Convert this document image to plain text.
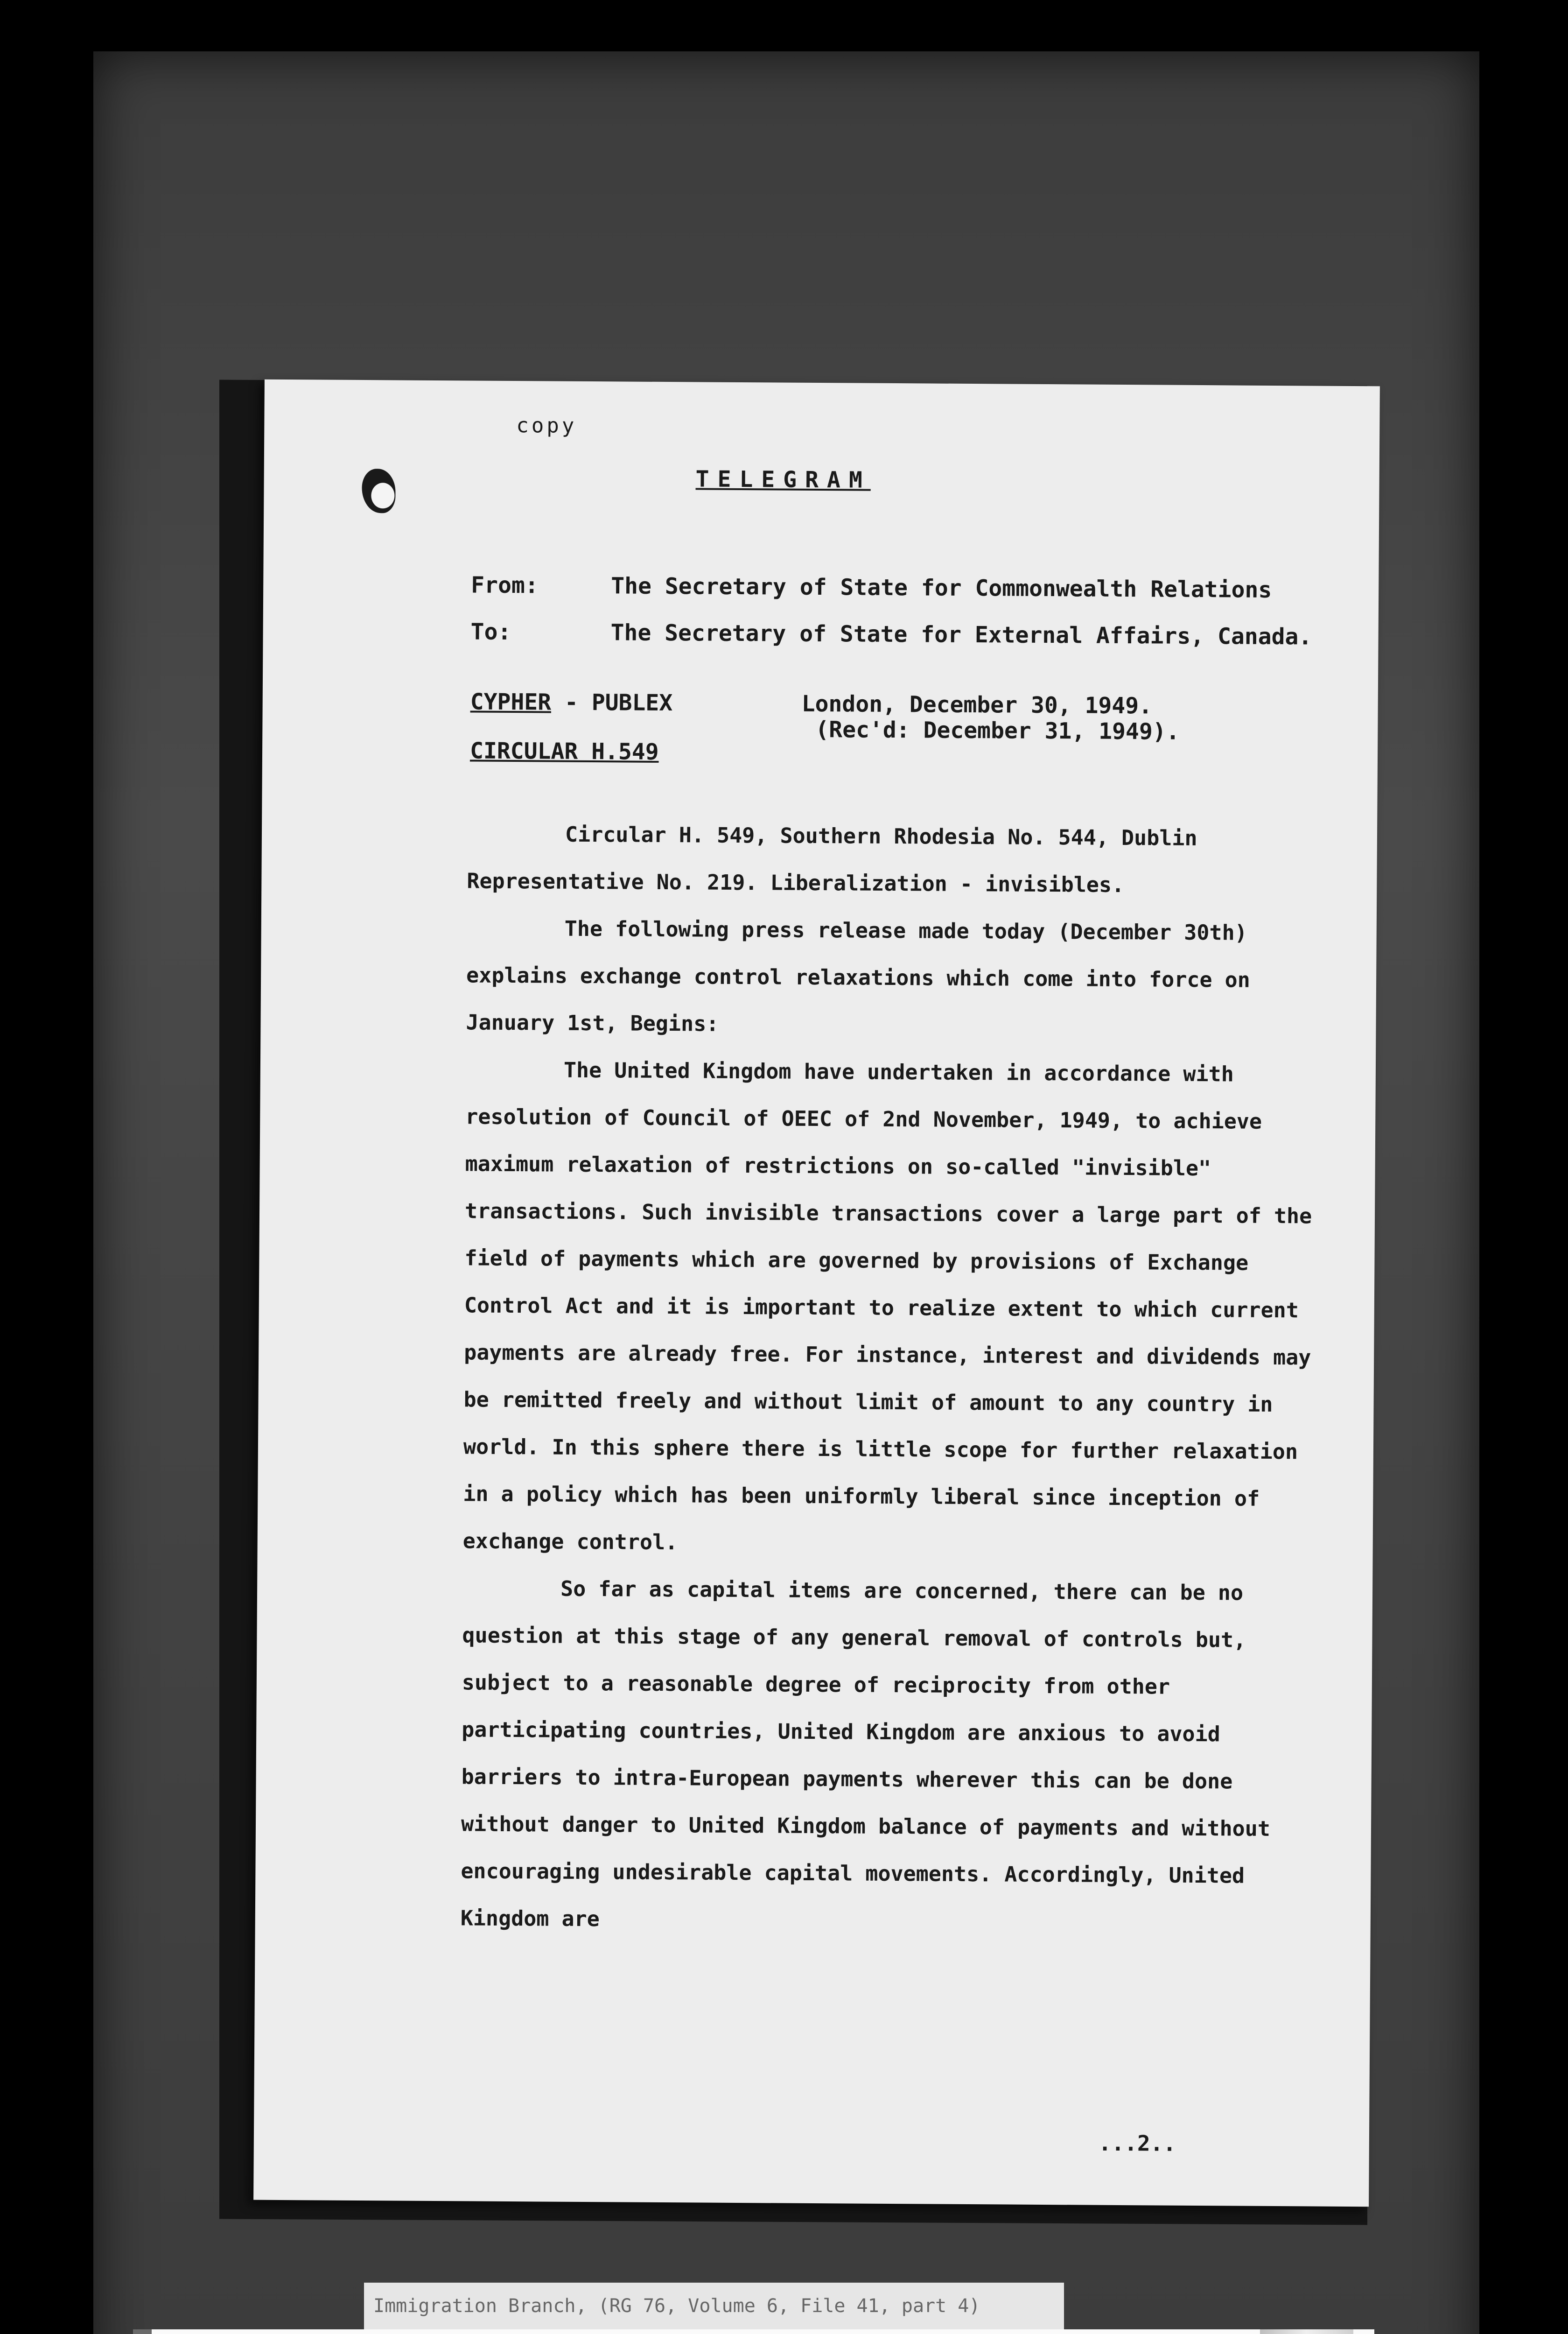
copy
TELEGRAM
From:	The Secretary of State for Commonwealth Relations
To:	The Secretary of State for External Affairs, Canada.
CYPHER - PUBLEX
CIRCULAR H.549
London, December 30, 1949.
(Rec'd: December 31, 1949).

Circular H. 549, Southern Rhodesia No. 544, Dublin Representative No. 219. Liberalization - invisibles.

The following press release made today (December 30th) explains exchange control relaxations which come into force on January 1st, Begins:

The United Kingdom have undertaken in accordance with resolution of Council of OEEC of 2nd November, 1949, to achieve maximum relaxation of restrictions on so-called "invisible" transactions. Such invisible transactions cover a large part of the field of payments which are governed by provisions of Exchange Control Act and it is important to realize extent to which current payments are already free. For instance, interest and dividends may be remitted freely and without limit of amount to any country in world. In this sphere there is little scope for further relaxation in a policy which has been uniformly liberal since inception of exchange control.

So far as capital items are concerned, there can be no question at this stage of any general removal of controls but, subject to a reasonable degree of reciprocity from other participating countries, United Kingdom are anxious to avoid barriers to intra-European payments wherever this can be done without danger to United Kingdom balance of payments and without encouraging undesirable capital movements. Accordingly, United Kingdom are

...2..
Immigration Branch, (RG 76, Volume 6, File 41, part 4)
